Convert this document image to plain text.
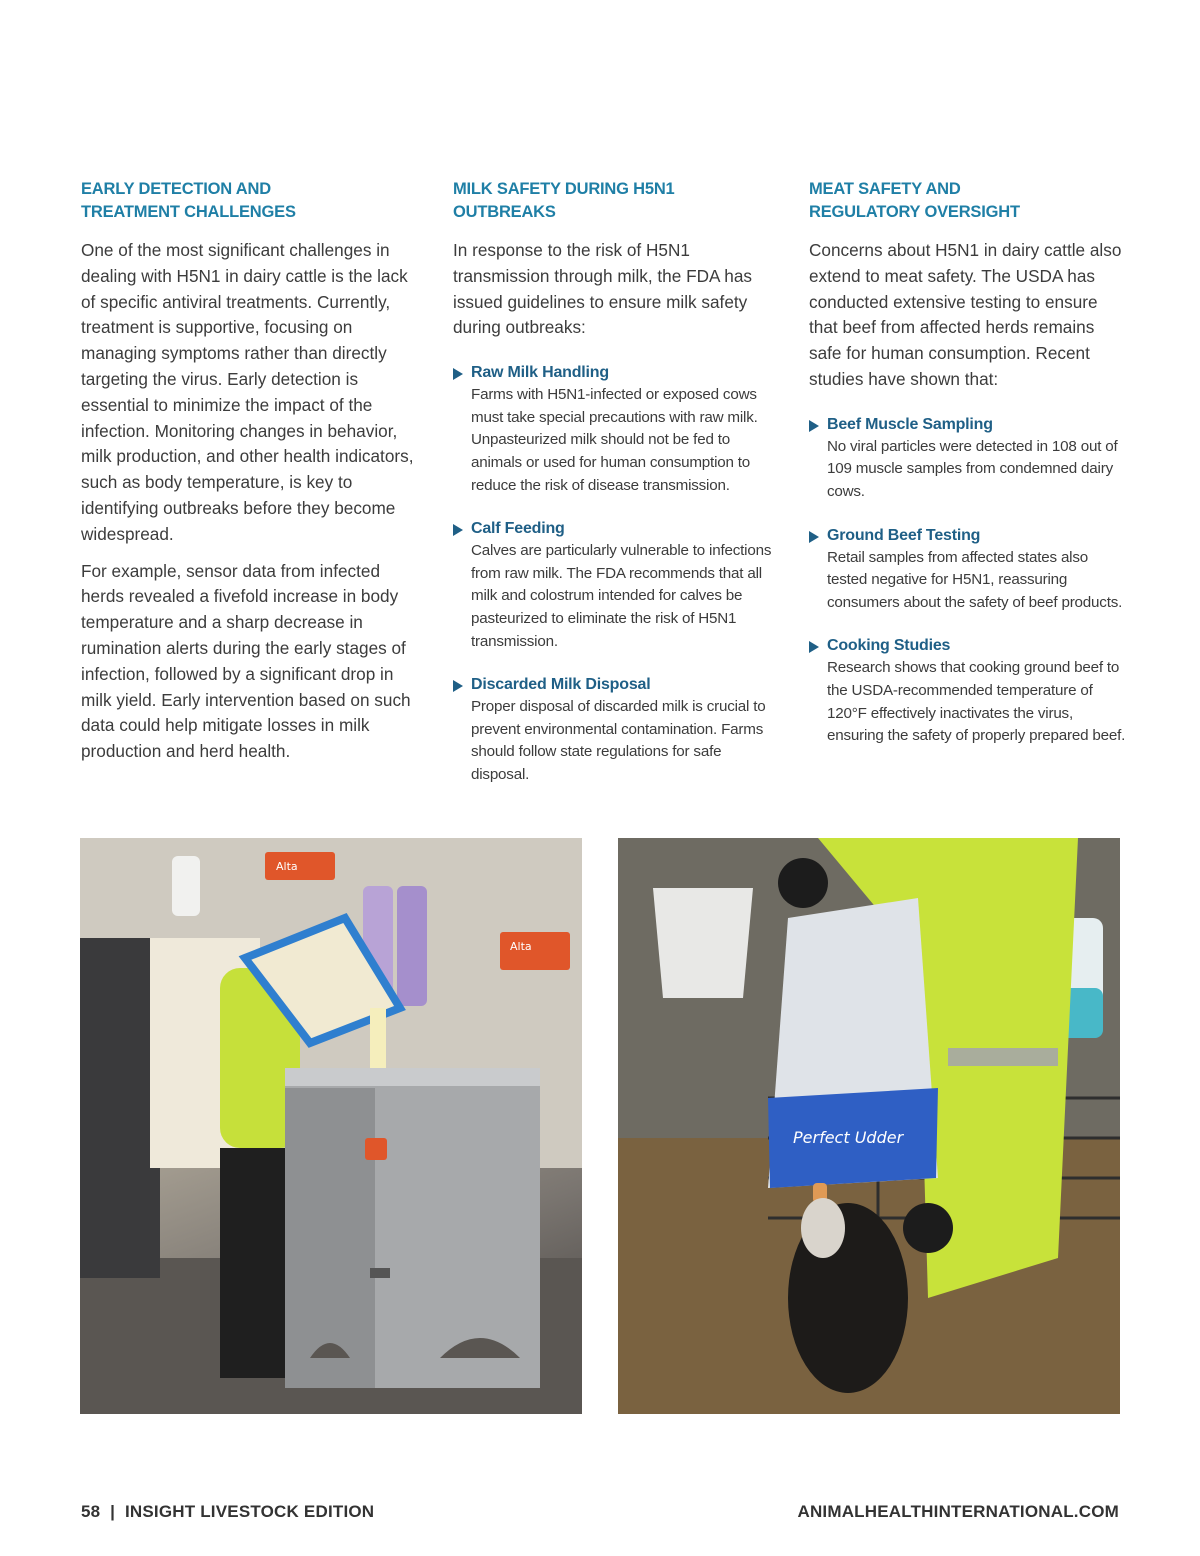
EARLY DETECTION AND
TREATMENT CHALLENGES

One of the most significant challenges in dealing with H5N1 in dairy cattle is the lack of specific antiviral treatments. Currently, treatment is supportive, focusing on managing symptoms rather than directly targeting the virus. Early detection is essential to minimize the impact of the infection. Monitoring changes in behavior, milk production, and other health indicators, such as body temperature, is key to identifying outbreaks before they become widespread.

For example, sensor data from infected herds revealed a fivefold increase in body temperature and a sharp decrease in rumination alerts during the early stages of infection, followed by a significant drop in milk yield. Early intervention based on such data could help mitigate losses in milk production and herd health.

MILK SAFETY DURING H5N1 OUTBREAKS

In response to the risk of H5N1 transmission through milk, the FDA has issued guidelines to ensure milk safety during outbreaks:

Raw Milk Handling
Farms with H5N1-infected or exposed cows must take special precautions with raw milk. Unpasteurized milk should not be fed to animals or used for human consumption to reduce the risk of disease transmission.
Calf Feeding
Calves are particularly vulnerable to infections from raw milk. The FDA recommends that all milk and colostrum intended for calves be pasteurized to eliminate the risk of H5N1 transmission.
Discarded Milk Disposal
Proper disposal of discarded milk is crucial to prevent environmental contamination. Farms should follow state regulations for safe disposal.
MEAT SAFETY AND
REGULATORY OVERSIGHT

Concerns about H5N1 in dairy cattle also extend to meat safety. The USDA has conducted extensive testing to ensure that beef from affected herds remains safe for human consumption. Recent studies have shown that:

Beef Muscle Sampling
No viral particles were detected in 108 out of 109 muscle samples from condemned dairy cows.
Ground Beef Testing
Retail samples from affected states also tested negative for H5N1, reassuring consumers about the safety of beef products.
Cooking Studies
Research shows that cooking ground beef to the USDA-recommended temperature of 120°F effectively inactivates the virus, ensuring the safety of properly prepared beef.
Alta
Alta
Perfect Udder
58  |  INSIGHT LIVESTOCK EDITION	ANIMALHEALTHINTERNATIONAL.COM
